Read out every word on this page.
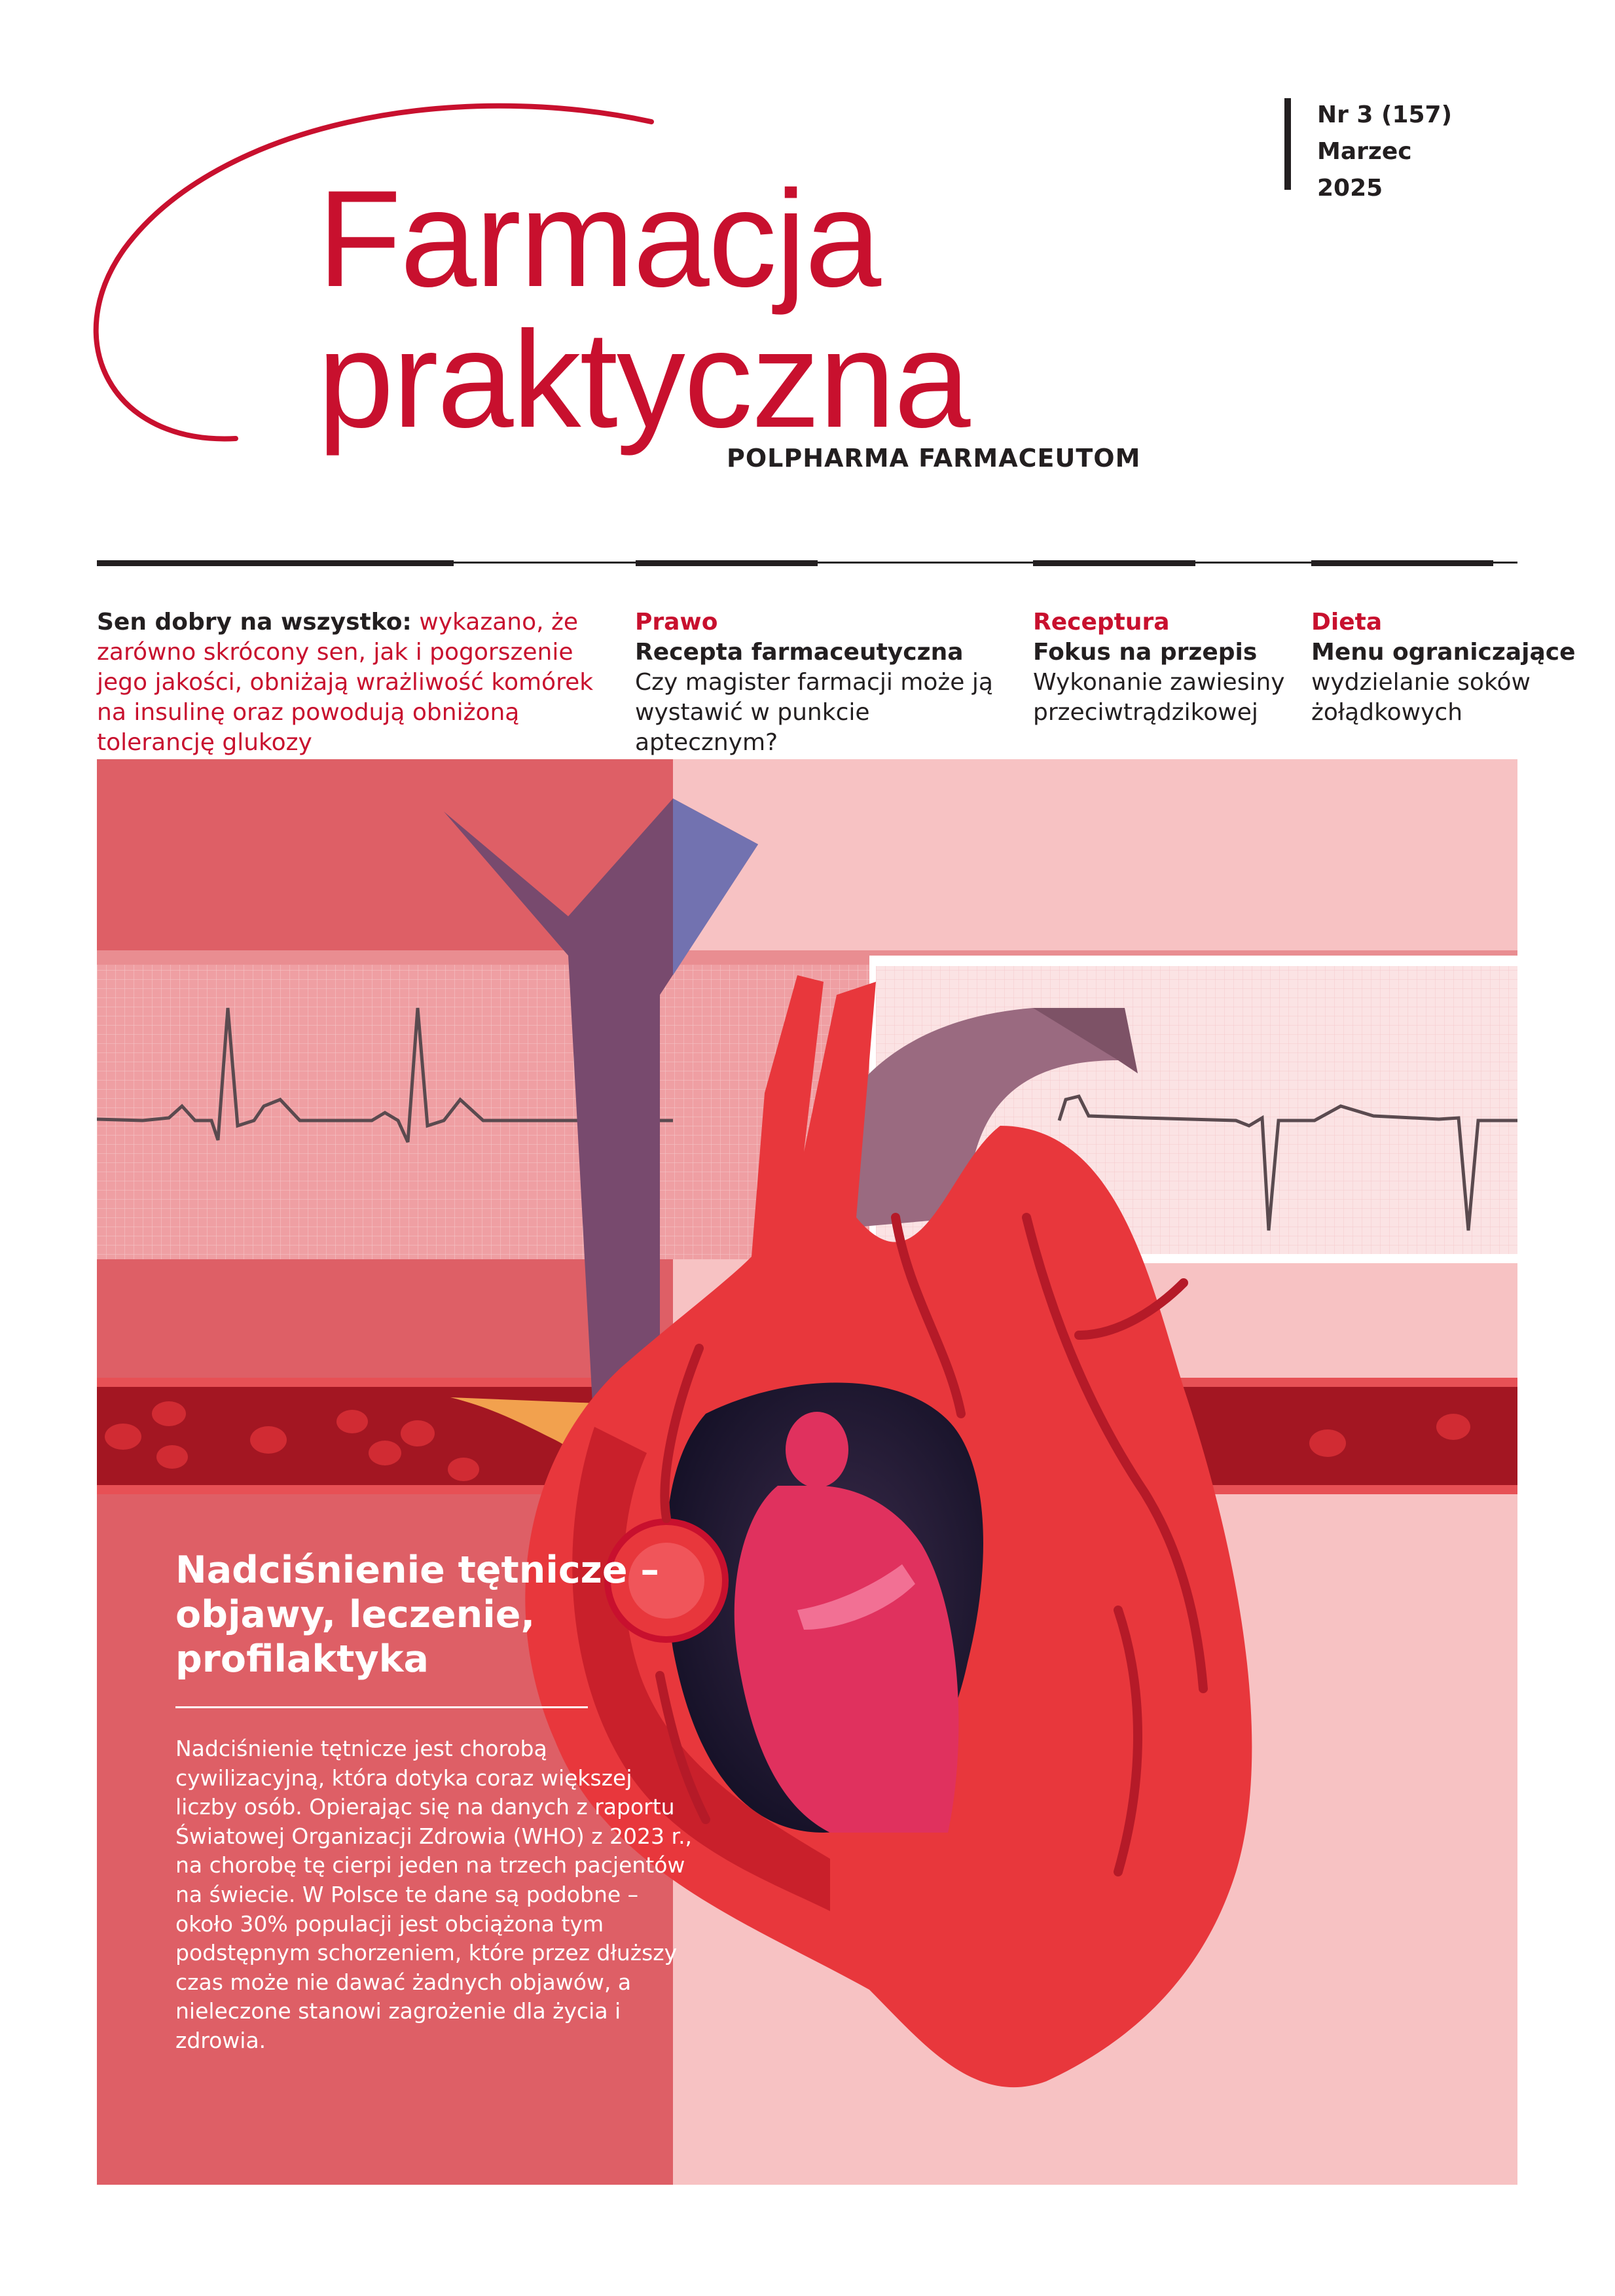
Farmacja
praktyczna
POLPHARMA FARMACEUTOM
Nr 3 (157)
Marzec
2025
Sen dobry na wszystko: wykazano, że zarówno skrócony sen, jak i pogorszenie jego jakości, obniżają wrażliwość komórek na insulinę oraz powodują obniżoną tolerancję glukozy
Prawo
Recepta farmaceutyczna
Czy magister farmacji może ją wystawić w punkcie aptecznym?
Receptura
Fokus na przepis
Wykonanie zawiesiny przeciwtrądzikowej
Dieta
Menu ograniczające
wydzielanie soków żołądkowych
Nadciśnienie tętnicze – objawy, leczenie, profilaktyka

Nadciśnienie tętnicze jest chorobą cywilizacyjną, która dotyka coraz większej liczby osób. Opierając się na danych z raportu Światowej Organizacji Zdrowia (WHO) z 2023 r., na chorobę tę cierpi jeden na trzech pacjentów na świecie. W Polsce te dane są podobne – około 30% populacji jest obciążona tym podstępnym schorzeniem, które przez dłuższy czas może nie dawać żadnych objawów, a nieleczone stanowi zagrożenie dla życia i zdrowia.
